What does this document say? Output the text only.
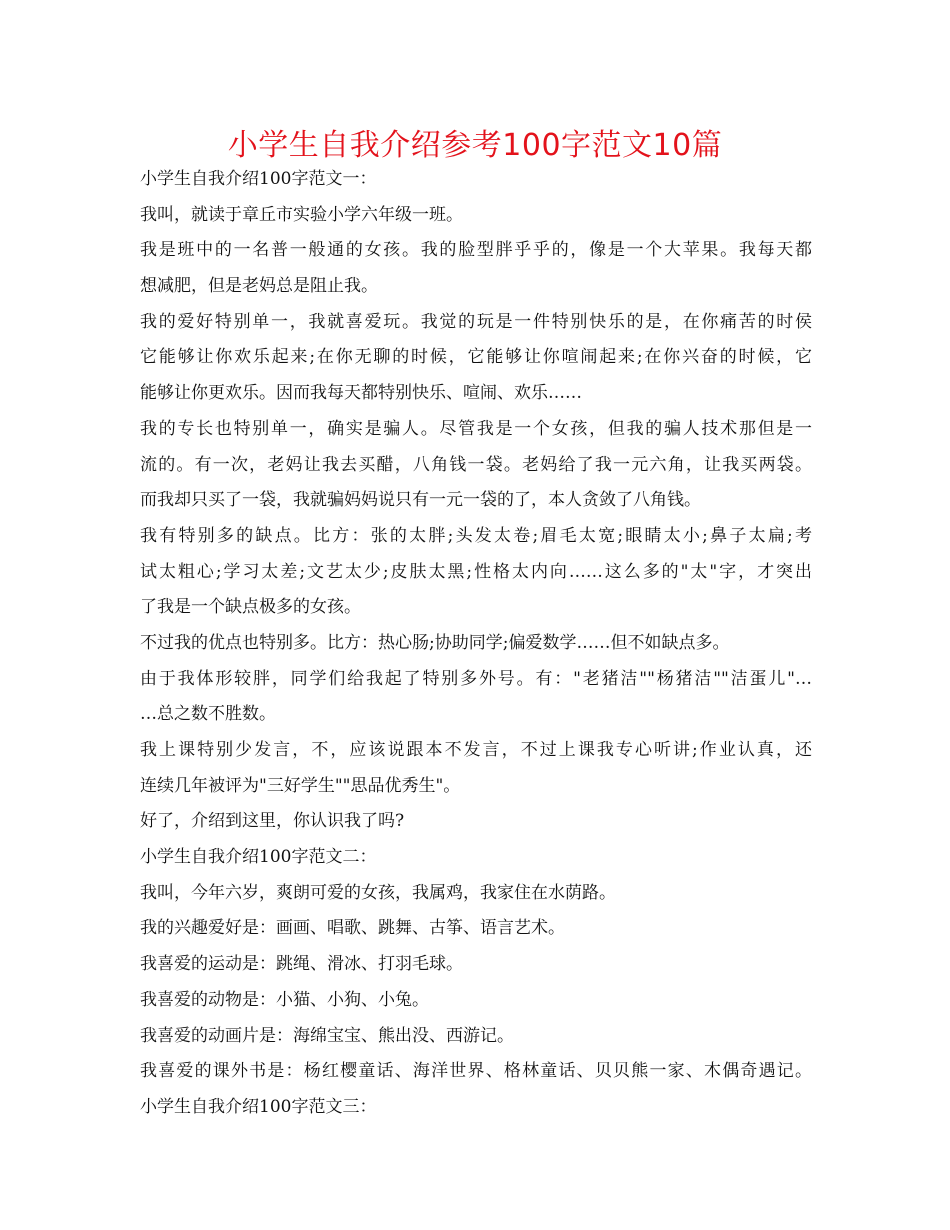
小学生自我介绍参考100字范文10篇
小学生自我介绍100字范文一：
我叫，就读于章丘市实验小学六年级一班。
我是班中的一名普一般通的女孩。我的脸型胖乎乎的，像是一个大苹果。我每天都
想减肥，但是老妈总是阻止我。
我的爱好特别单一，我就喜爱玩。我觉的玩是一件特别快乐的是，在你痛苦的时侯
它能够让你欢乐起来;在你无聊的时候，它能够让你喧闹起来;在你兴奋的时候，它
能够让你更欢乐。因而我每天都特别快乐、喧闹、欢乐……
我的专长也特别单一，确实是骗人。尽管我是一个女孩，但我的骗人技术那但是一
流的。有一次，老妈让我去买醋，八角钱一袋。老妈给了我一元六角，让我买两袋。
而我却只买了一袋，我就骗妈妈说只有一元一袋的了，本人贪敛了八角钱。
我有特别多的缺点。比方：张的太胖;头发太卷;眉毛太宽;眼睛太小;鼻子太扁;考
试太粗心;学习太差;文艺太少;皮肤太黑;性格太内向……这么多的"太"字，才突出
了我是一个缺点极多的女孩。
不过我的优点也特别多。比方：热心肠;协助同学;偏爱数学……但不如缺点多。
由于我体形较胖，同学们给我起了特别多外号。有："老猪洁""杨猪洁""洁蛋儿"…
…总之数不胜数。
我上课特别少发言，不，应该说跟本不发言，不过上课我专心听讲;作业认真，还
连续几年被评为"三好学生""思品优秀生"。
好了，介绍到这里，你认识我了吗?
小学生自我介绍100字范文二：
我叫，今年六岁，爽朗可爱的女孩，我属鸡，我家住在水荫路。
我的兴趣爱好是：画画、唱歌、跳舞、古筝、语言艺术。
我喜爱的运动是：跳绳、滑冰、打羽毛球。
我喜爱的动物是：小猫、小狗、小兔。
我喜爱的动画片是：海绵宝宝、熊出没、西游记。
我喜爱的课外书是：杨红樱童话、海洋世界、格林童话、贝贝熊一家、木偶奇遇记。
小学生自我介绍100字范文三：
